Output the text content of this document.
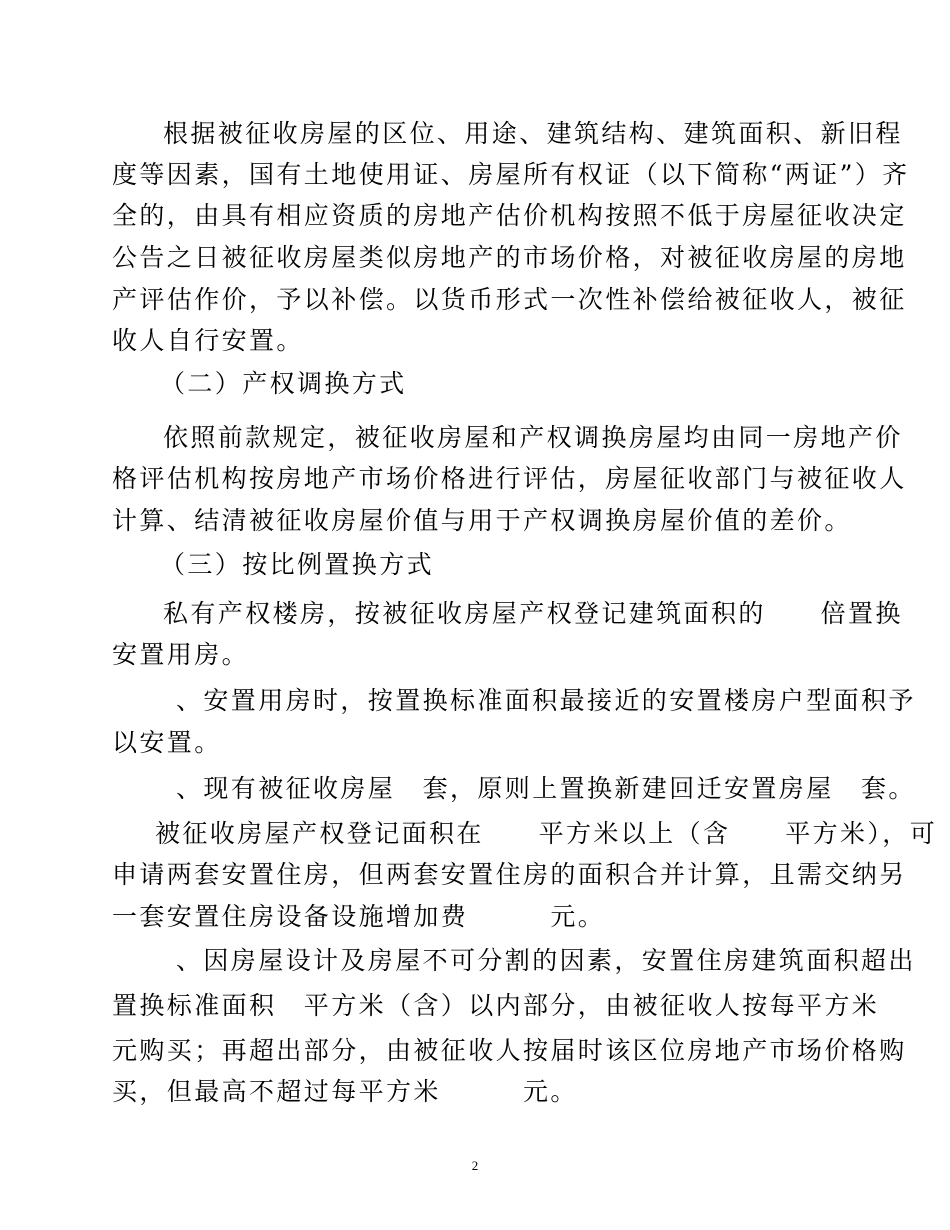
根据被征收房屋的区位、用途、建筑结构、建筑面积、新旧程
度等因素，国有土地使用证、房屋所有权证（以下简称“两证”）齐
全的，由具有相应资质的房地产估价机构按照不低于房屋征收决定
公告之日被征收房屋类似房地产的市场价格，对被征收房屋的房地
产评估作价，予以补偿。以货币形式一次性补偿给被征收人，被征
收人自行安置。
（二）产权调换方式
依照前款规定，被征收房屋和产权调换房屋均由同一房地产价
格评估机构按房地产市场价格进行评估，房屋征收部门与被征收人
计算、结清被征收房屋价值与用于产权调换房屋价值的差价。
（三）按比例置换方式
私有产权楼房，按被征收房屋产权登记建筑面积的　　倍置换
安置用房。
、安置用房时，按置换标准面积最接近的安置楼房户型面积予
以安置。
、现有被征收房屋　套，原则上置换新建回迁安置房屋　套。
被征收房屋产权登记面积在　　平方米以上（含　　平方米），可
申请两套安置住房，但两套安置住房的面积合并计算，且需交纳另
一套安置住房设备设施增加费　　　元。
、因房屋设计及房屋不可分割的因素，安置住房建筑面积超出
置换标准面积　平方米（含）以内部分，由被征收人按每平方米
元购买；再超出部分，由被征收人按届时该区位房地产市场价格购
买，但最高不超过每平方米　　　元。
2
